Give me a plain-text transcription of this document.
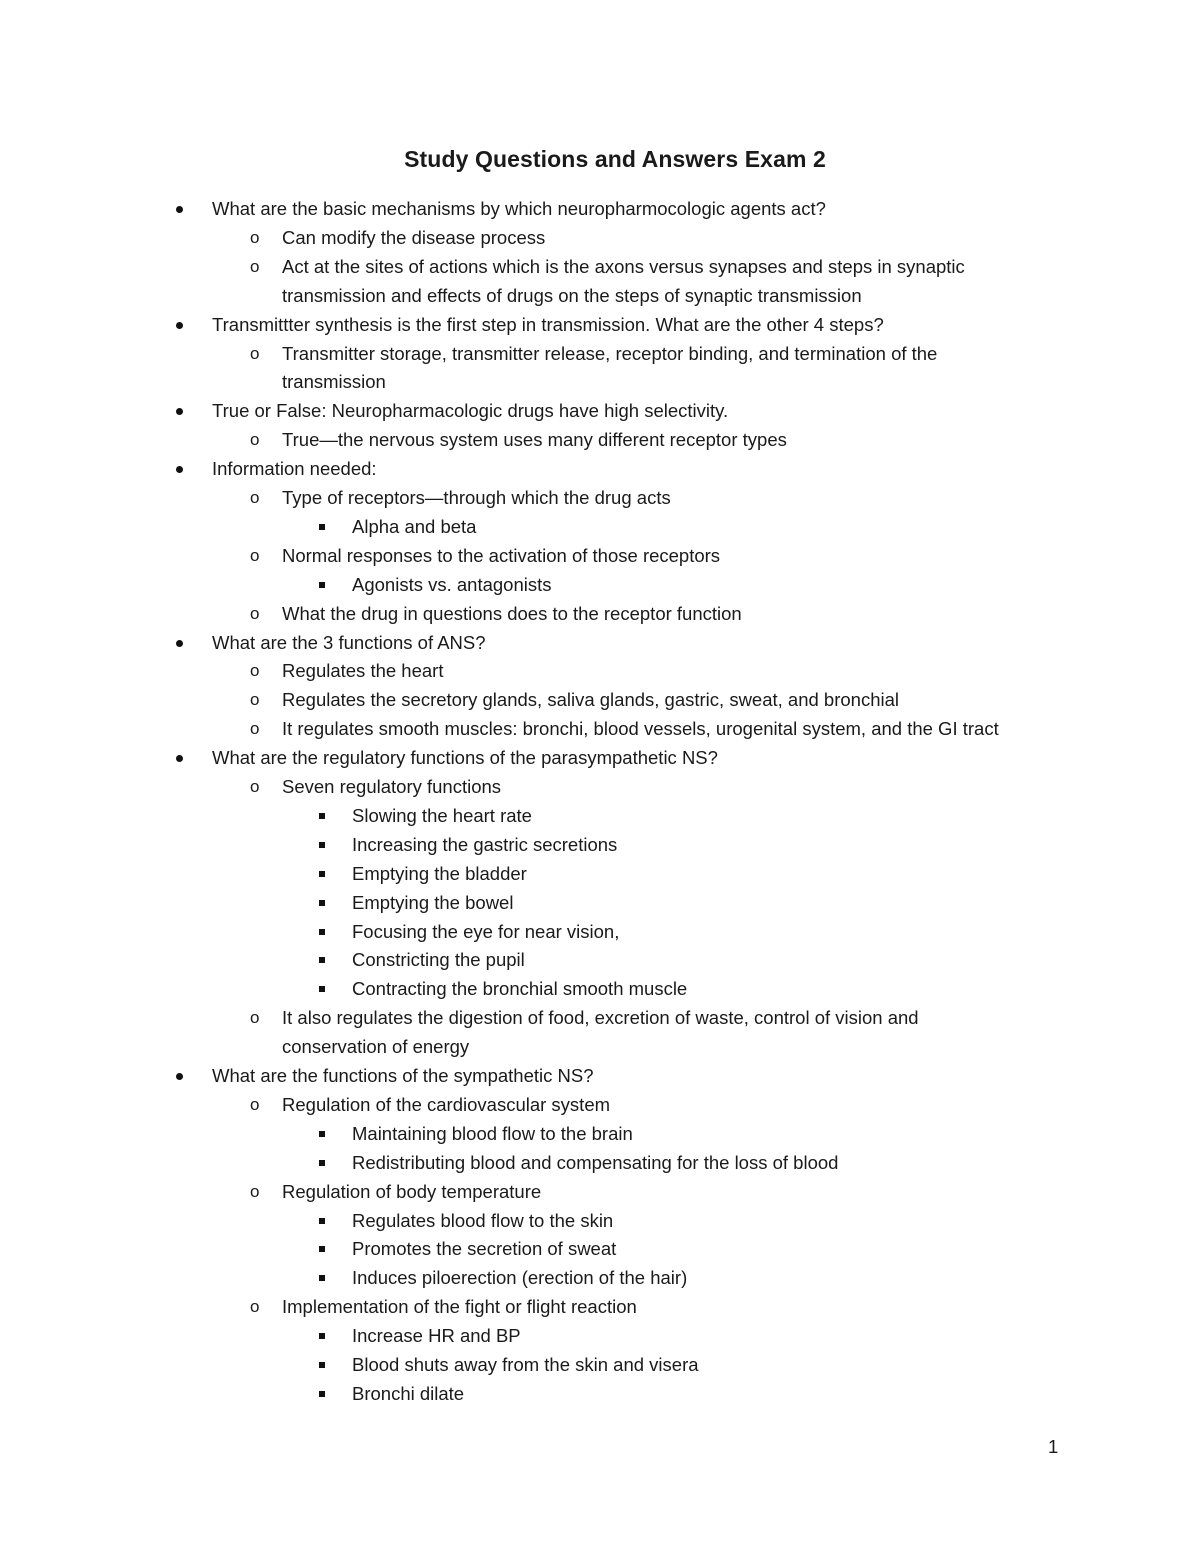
Study Questions and Answers Exam 2
What are the basic mechanisms by which neuropharmocologic agents act?
o Can modify the disease process
o Act at the sites of actions which is the axons versus synapses and steps in synaptic
transmission and effects of drugs on the steps of synaptic transmission
Transmittter synthesis is the first step in transmission. What are the other 4 steps?
o Transmitter storage, transmitter release, receptor binding, and termination of the
transmission
True or False: Neuropharmacologic drugs have high selectivity.
o True—the nervous system uses many different receptor types
Information needed:
o Type of receptors—through which the drug acts
Alpha and beta
o Normal responses to the activation of those receptors
Agonists vs. antagonists
o What the drug in questions does to the receptor function
What are the 3 functions of ANS?
o Regulates the heart
o Regulates the secretory glands, saliva glands, gastric, sweat, and bronchial
o It regulates smooth muscles: bronchi, blood vessels, urogenital system, and the GI tract
What are the regulatory functions of the parasympathetic NS?
o Seven regulatory functions
Slowing the heart rate
Increasing the gastric secretions
Emptying the bladder
Emptying the bowel
Focusing the eye for near vision,
Constricting the pupil
Contracting the bronchial smooth muscle
o It also regulates the digestion of food, excretion of waste, control of vision and
conservation of energy
What are the functions of the sympathetic NS?
o Regulation of the cardiovascular system
Maintaining blood flow to the brain
Redistributing blood and compensating for the loss of blood
o Regulation of body temperature
Regulates blood flow to the skin
Promotes the secretion of sweat
Induces piloerection (erection of the hair)
o Implementation of the fight or flight reaction
Increase HR and BP
Blood shuts away from the skin and visera
Bronchi dilate
1
